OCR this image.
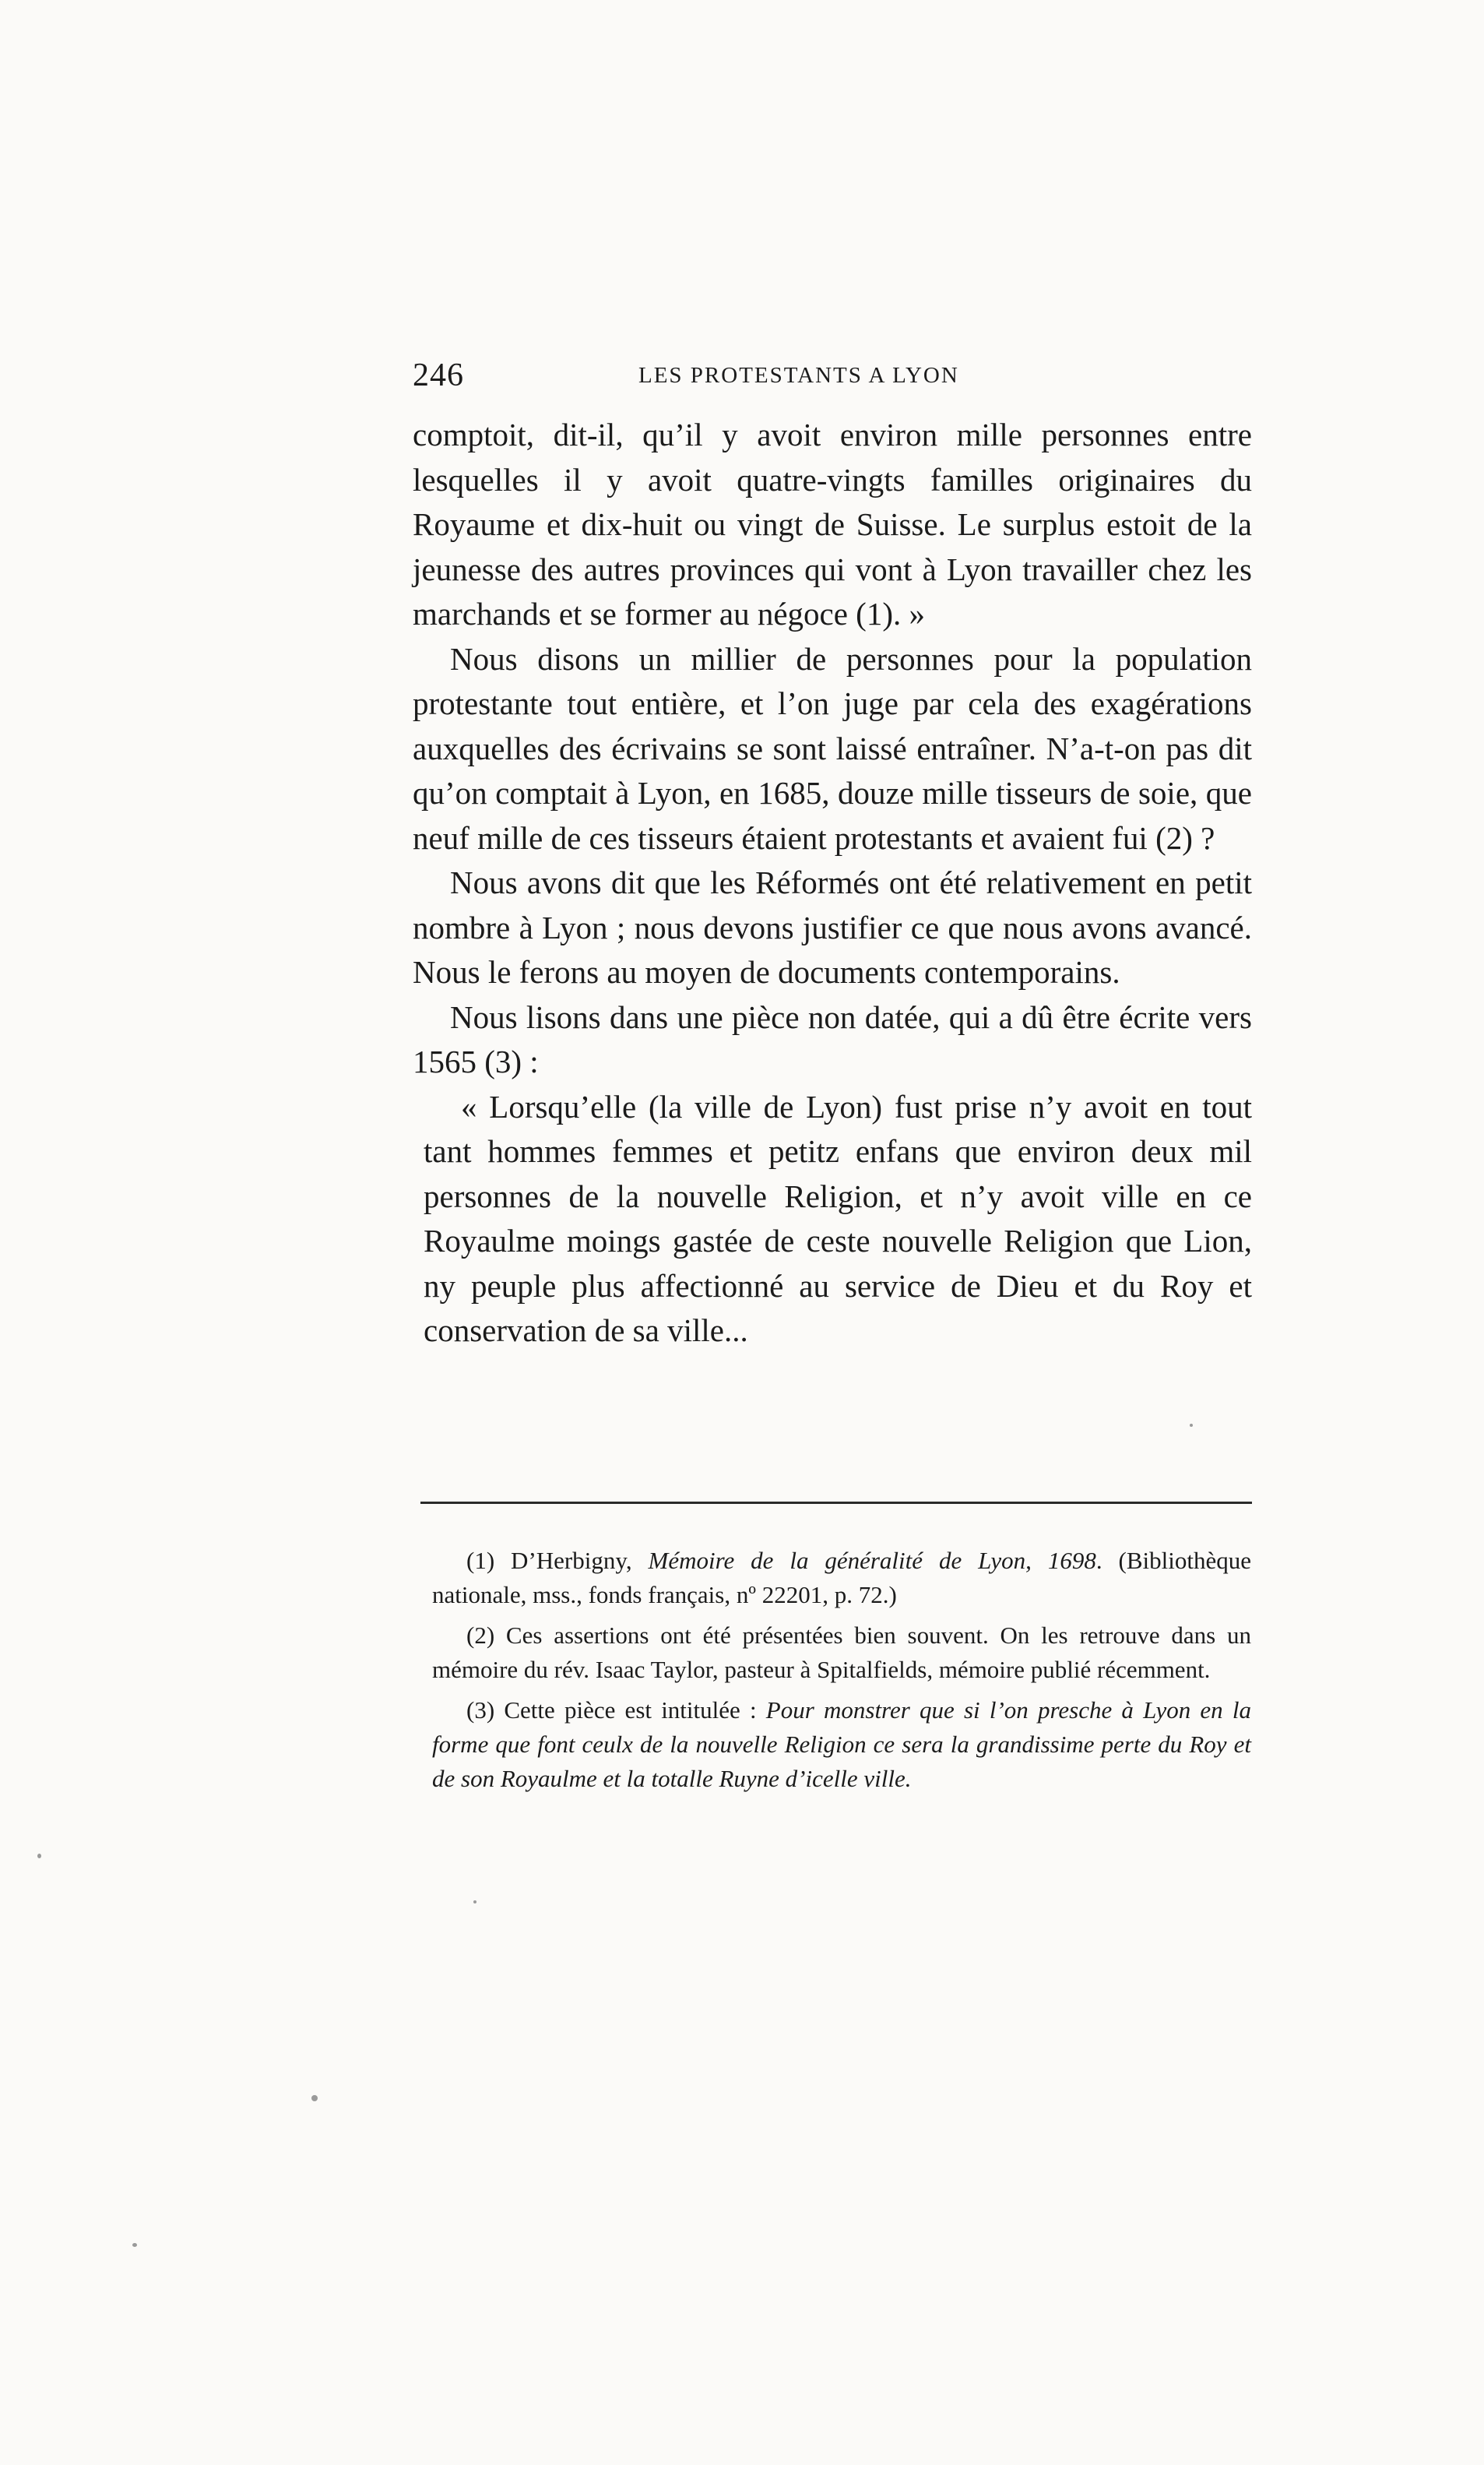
246	LES PROTESTANTS A LYON

comptoit, dit-il, qu’il y avoit environ mille personnes entre lesquelles il y avoit quatre-vingts familles originaires du Royaume et dix-huit ou vingt de Suisse. Le surplus estoit de la jeunesse des autres provinces qui vont à Lyon travailler chez les marchands et se former au négoce (1). »

Nous disons un millier de personnes pour la population protestante tout entière, et l’on juge par cela des exagérations auxquelles des écrivains se sont laissé entraîner. N’a-t-on pas dit qu’on comptait à Lyon, en 1685, douze mille tisseurs de soie, que neuf mille de ces tisseurs étaient protestants et avaient fui (2) ?

Nous avons dit que les Réformés ont été relativement en petit nombre à Lyon ; nous devons justifier ce que nous avons avancé. Nous le ferons au moyen de documents contemporains.

Nous lisons dans une pièce non datée, qui a dû être écrite vers 1565 (3) :

« Lorsqu’elle (la ville de Lyon) fust prise n’y avoit en tout tant hommes femmes et petitz enfans que environ deux mil personnes de la nouvelle Religion, et n’y avoit ville en ce Royaulme moings gastée de ceste nouvelle Religion que Lion, ny peuple plus affectionné au service de Dieu et du Roy et conservation de sa ville...

(1) D’Herbigny, Mémoire de la généralité de Lyon, 1698. (Bibliothèque nationale, mss., fonds français, nº 22201, p. 72.)

(2) Ces assertions ont été présentées bien souvent. On les retrouve dans un mémoire du rév. Isaac Taylor, pasteur à Spitalfields, mémoire publié récemment.

(3) Cette pièce est intitulée : Pour monstrer que si l’on presche à Lyon en la forme que font ceulx de la nouvelle Religion ce sera la grandissime perte du Roy et de son Royaulme et la totalle Ruyne d’icelle ville.
